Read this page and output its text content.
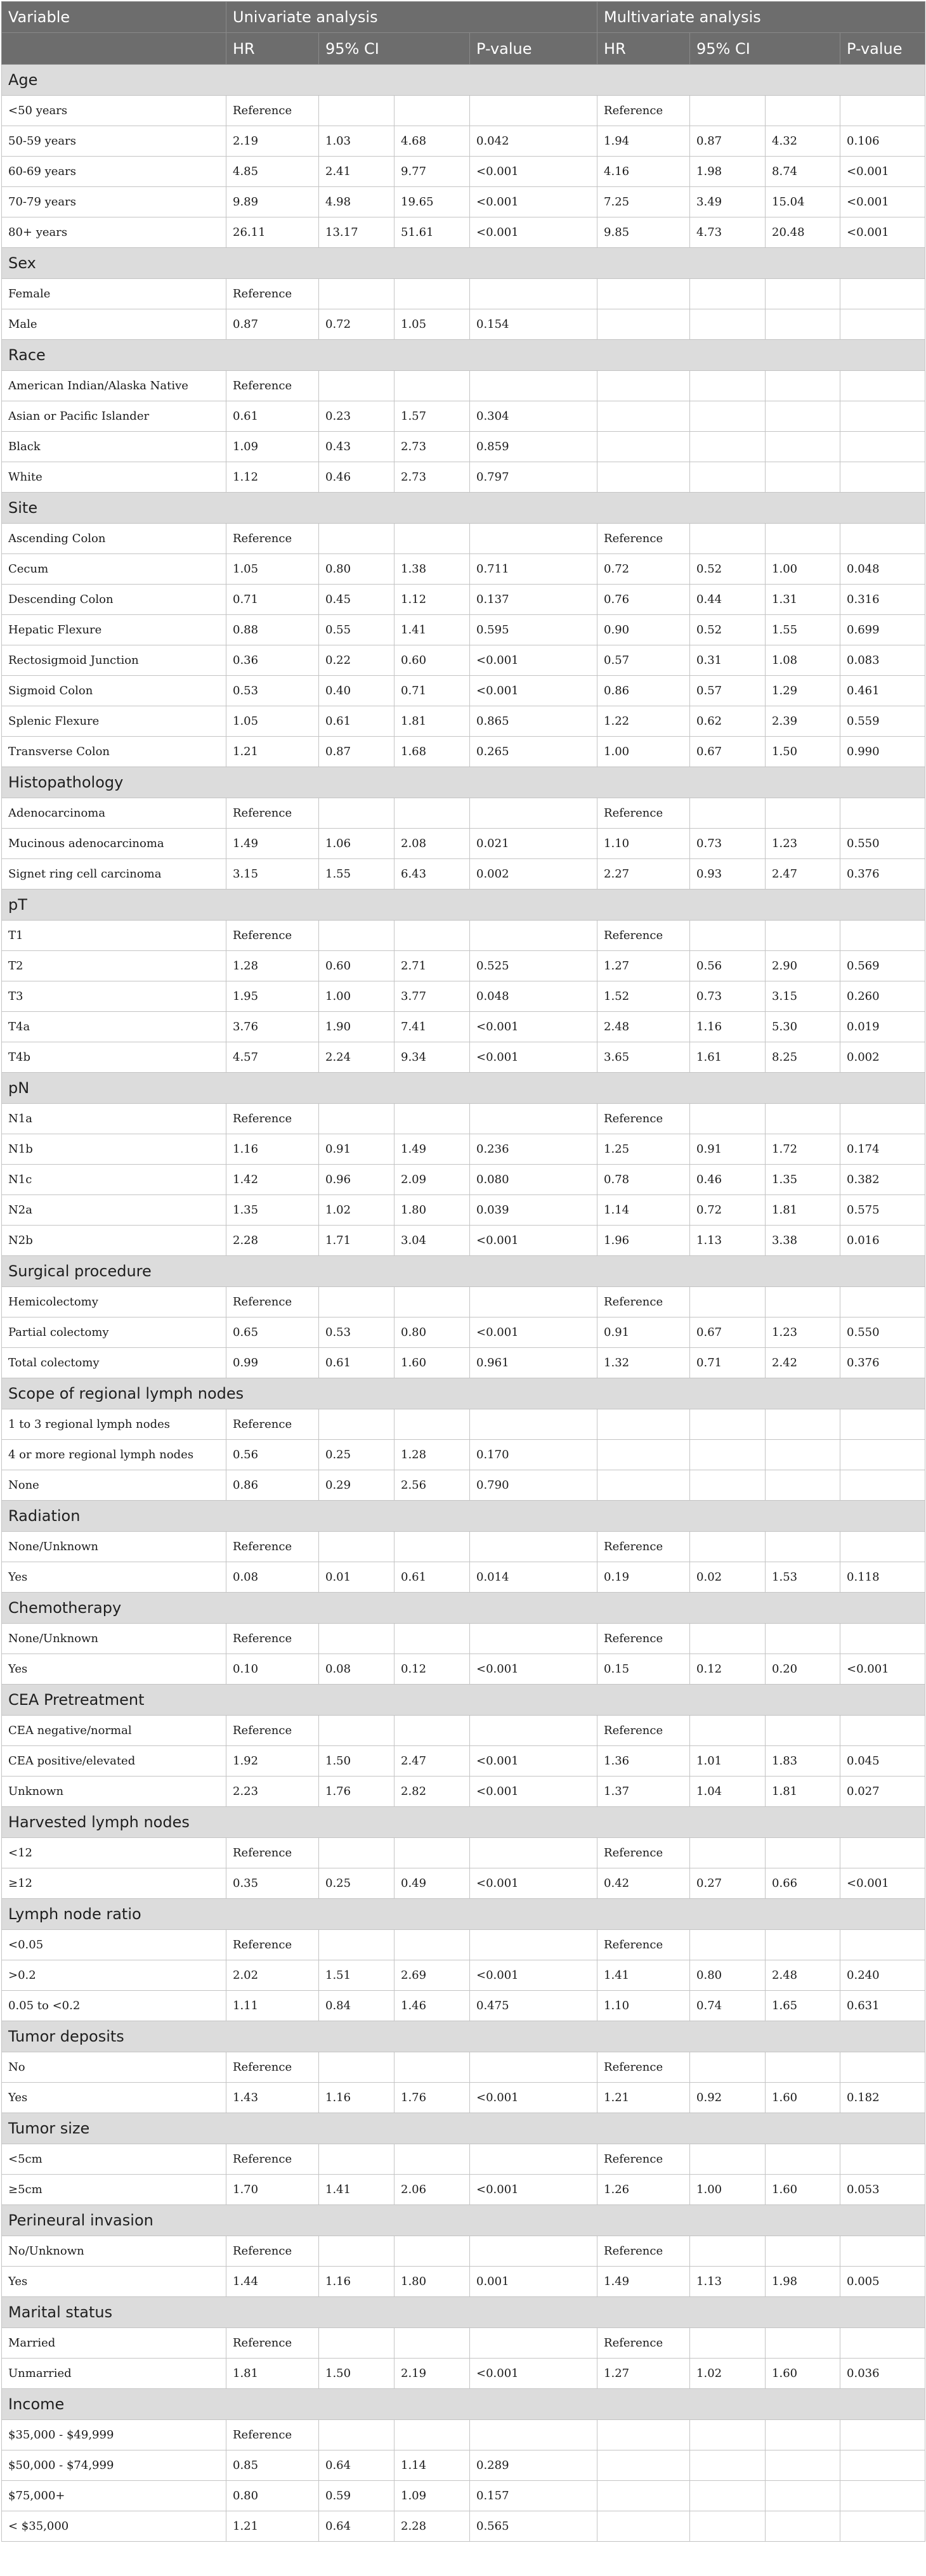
Variable	Univariate analysis				Multivariate analysis			
	HR	95% CI		P-value	HR	95% CI		P-value
Age								
<50 years	Reference				Reference			
50-59 years	2.19	1.03	4.68	0.042	1.94	0.87	4.32	0.106
60-69 years	4.85	2.41	9.77	<0.001	4.16	1.98	8.74	<0.001
70-79 years	9.89	4.98	19.65	<0.001	7.25	3.49	15.04	<0.001
80+ years	26.11	13.17	51.61	<0.001	9.85	4.73	20.48	<0.001
Sex								
Female	Reference							
Male	0.87	0.72	1.05	0.154				
Race								
American Indian/Alaska Native	Reference							
Asian or Pacific Islander	0.61	0.23	1.57	0.304				
Black	1.09	0.43	2.73	0.859				
White	1.12	0.46	2.73	0.797				
Site								
Ascending Colon	Reference				Reference			
Cecum	1.05	0.80	1.38	0.711	0.72	0.52	1.00	0.048
Descending Colon	0.71	0.45	1.12	0.137	0.76	0.44	1.31	0.316
Hepatic Flexure	0.88	0.55	1.41	0.595	0.90	0.52	1.55	0.699
Rectosigmoid Junction	0.36	0.22	0.60	<0.001	0.57	0.31	1.08	0.083
Sigmoid Colon	0.53	0.40	0.71	<0.001	0.86	0.57	1.29	0.461
Splenic Flexure	1.05	0.61	1.81	0.865	1.22	0.62	2.39	0.559
Transverse Colon	1.21	0.87	1.68	0.265	1.00	0.67	1.50	0.990
Histopathology								
Adenocarcinoma	Reference				Reference			
Mucinous adenocarcinoma	1.49	1.06	2.08	0.021	1.10	0.73	1.23	0.550
Signet ring cell carcinoma	3.15	1.55	6.43	0.002	2.27	0.93	2.47	0.376
pT								
T1	Reference				Reference			
T2	1.28	0.60	2.71	0.525	1.27	0.56	2.90	0.569
T3	1.95	1.00	3.77	0.048	1.52	0.73	3.15	0.260
T4a	3.76	1.90	7.41	<0.001	2.48	1.16	5.30	0.019
T4b	4.57	2.24	9.34	<0.001	3.65	1.61	8.25	0.002
pN								
N1a	Reference				Reference			
N1b	1.16	0.91	1.49	0.236	1.25	0.91	1.72	0.174
N1c	1.42	0.96	2.09	0.080	0.78	0.46	1.35	0.382
N2a	1.35	1.02	1.80	0.039	1.14	0.72	1.81	0.575
N2b	2.28	1.71	3.04	<0.001	1.96	1.13	3.38	0.016
Surgical procedure								
Hemicolectomy	Reference				Reference			
Partial colectomy	0.65	0.53	0.80	<0.001	0.91	0.67	1.23	0.550
Total colectomy	0.99	0.61	1.60	0.961	1.32	0.71	2.42	0.376
Scope of regional lymph nodes								
1 to 3 regional lymph nodes	Reference							
4 or more regional lymph nodes	0.56	0.25	1.28	0.170				
None	0.86	0.29	2.56	0.790				
Radiation								
None/Unknown	Reference				Reference			
Yes	0.08	0.01	0.61	0.014	0.19	0.02	1.53	0.118
Chemotherapy								
None/Unknown	Reference				Reference			
Yes	0.10	0.08	0.12	<0.001	0.15	0.12	0.20	<0.001
CEA Pretreatment								
CEA negative/normal	Reference				Reference			
CEA positive/elevated	1.92	1.50	2.47	<0.001	1.36	1.01	1.83	0.045
Unknown	2.23	1.76	2.82	<0.001	1.37	1.04	1.81	0.027
Harvested lymph nodes								
<12	Reference				Reference			
≥12	0.35	0.25	0.49	<0.001	0.42	0.27	0.66	<0.001
Lymph node ratio								
<0.05	Reference				Reference			
>0.2	2.02	1.51	2.69	<0.001	1.41	0.80	2.48	0.240
0.05 to <0.2	1.11	0.84	1.46	0.475	1.10	0.74	1.65	0.631
Tumor deposits								
No	Reference				Reference			
Yes	1.43	1.16	1.76	<0.001	1.21	0.92	1.60	0.182
Tumor size								
<5cm	Reference				Reference			
≥5cm	1.70	1.41	2.06	<0.001	1.26	1.00	1.60	0.053
Perineural invasion								
No/Unknown	Reference				Reference			
Yes	1.44	1.16	1.80	0.001	1.49	1.13	1.98	0.005
Marital status								
Married	Reference				Reference			
Unmarried	1.81	1.50	2.19	<0.001	1.27	1.02	1.60	0.036
Income								
$35,000 - $49,999	Reference							
$50,000 - $74,999	0.85	0.64	1.14	0.289				
$75,000+	0.80	0.59	1.09	0.157				
< $35,000	1.21	0.64	2.28	0.565				
